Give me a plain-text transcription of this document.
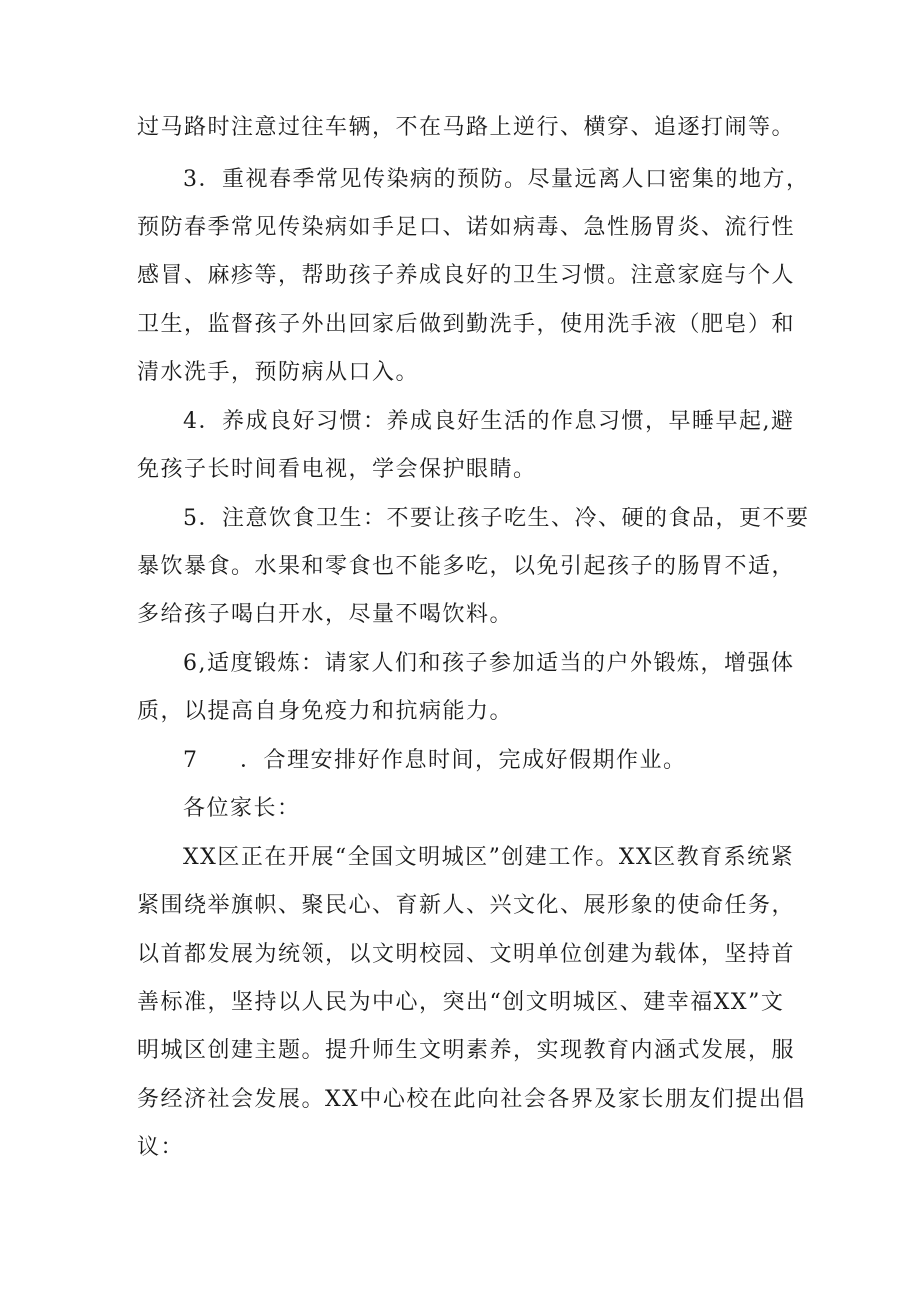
过马路时注意过往车辆，不在马路上逆行、横穿、追逐打闹等。
3．重视春季常见传染病的预防。尽量远离人口密集的地方，
预防春季常见传染病如手足口、诺如病毒、急性肠胃炎、流行性
感冒、麻疹等，帮助孩子养成良好的卫生习惯。注意家庭与个人
卫生，监督孩子外出回家后做到勤洗手，使用洗手液（肥皂）和
清水洗手，预防病从口入。
4．养成良好习惯：养成良好生活的作息习惯，早睡早起,避
免孩子长时间看电视，学会保护眼睛。
5．注意饮食卫生：不要让孩子吃生、冷、硬的食品，更不要
暴饮暴食。水果和零食也不能多吃，以免引起孩子的肠胃不适，
多给孩子喝白开水，尽量不喝饮料。
6,适度锻炼：请家人们和孩子参加适当的户外锻炼，增强体
质，以提高自身免疫力和抗病能力。
7 ．合理安排好作息时间，完成好假期作业。
各位家长：
XX区正在开展“全国文明城区”创建工作。XX区教育系统紧
紧围绕举旗帜、聚民心、育新人、兴文化、展形象的使命任务，
以首都发展为统领，以文明校园、文明单位创建为载体，坚持首
善标准，坚持以人民为中心，突出“创文明城区、建幸福XX”文
明城区创建主题。提升师生文明素养，实现教育内涵式发展，服
务经济社会发展。XX中心校在此向社会各界及家长朋友们提出倡
议：
